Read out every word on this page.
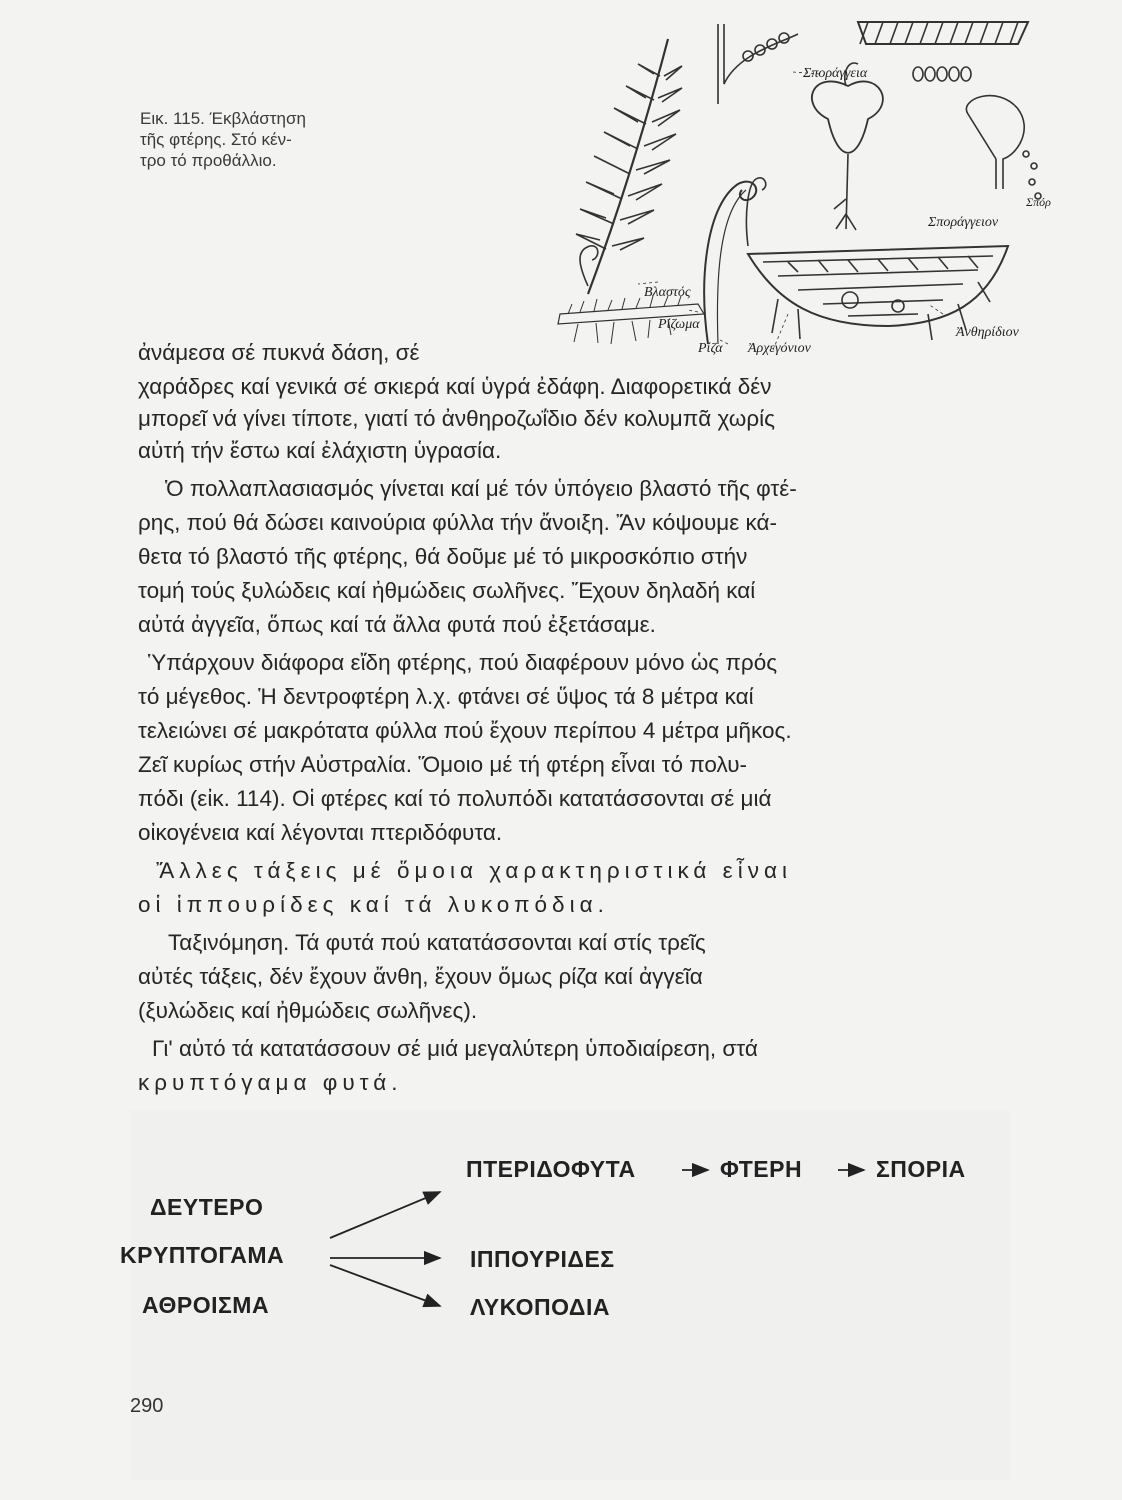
Εικ. 115. Έκβλάστηση
τῆς φτέρης. Στό κέν-
τρο τό προθάλλιο.
Σποράγγεια
Σποράγγειον
Σπόρ
Βλαστός
Ρίζωμα
Ρίζα Ἀρχεγόνιον
Ἀνθηρίδιον
ἀνάμεσα σέ πυκνά δάση, σέ
χαράδρες καί γενικά σέ σκιερά καί ὑγρά ἐδάφη. Διαφορετικά δέν
μπορεῖ νά γίνει τίποτε, γιατί τό ἀνθηροζωΐδιο δέν κολυμπᾶ χωρίς
αὐτή τήν ἔστω καί ἐλάχιστη ὑγρασία.
Ὁ πολλαπλασιασμός γίνεται καί μέ τόν ὑπόγειο βλαστό τῆς φτέ-
ρης, πού θά δώσει καινούρια φύλλα τήν ἄνοιξη. Ἄν κόψουμε κά-
θετα τό βλαστό τῆς φτέρης, θά δοῦμε μέ τό μικροσκόπιο στήν
τομή τούς ξυλώδεις καί ἠθμώδεις σωλῆνες. Ἔχουν δηλαδή καί
αὐτά ἀγγεῖα, ὅπως καί τά ἄλλα φυτά πού ἐξετάσαμε.
Ὑπάρχουν διάφορα εἴδη φτέρης, πού διαφέρουν μόνο ὡς πρός
τό μέγεθος. Ἡ δεντροφτέρη λ.χ. φτάνει σέ ὕψος τά 8 μέτρα καί
τελειώνει σέ μακρότατα φύλλα πού ἔχουν περίπου 4 μέτρα μῆκος.
Ζεῖ κυρίως στήν Αὐστραλία. Ὅμοιο μέ τή φτέρη εἶναι τό πολυ-
πόδι (εἰκ. 114). Οἱ φτέρες καί τό πολυπόδι κατατάσσονται σέ μιά
οἰκογένεια καί λέγονται πτεριδόφυτα.
Ἄλλες τάξεις μέ ὅμοια χαρακτηριστικά εἶναι
οἱ ἱππουρίδες καί τά λυκοπόδια.
Ταξινόμηση. Τά φυτά πού κατατάσσονται καί στίς τρεῖς
αὐτές τάξεις, δέν ἔχουν ἄνθη, ἔχουν ὅμως ρίζα καί ἀγγεῖα
(ξυλώδεις καί ἠθμώδεις σωλῆνες).
Γι' αὐτό τά κατατάσσουν σέ μιά μεγαλύτερη ὑποδιαίρεση, στά
κρυπτόγαμα φυτά.
ΔΕΥΤΕΡΟ
ΚΡΥΠΤΟΓΑΜΑ
ΑΘΡΟΙΣΜΑ
ΠΤΕΡΙΔΟΦΥΤΑ	ΦΤΕΡΗ	ΣΠΟΡΙΑ
ΙΠΠΟΥΡΙΔΕΣ
ΛΥΚΟΠΟΔΙΑ
290
